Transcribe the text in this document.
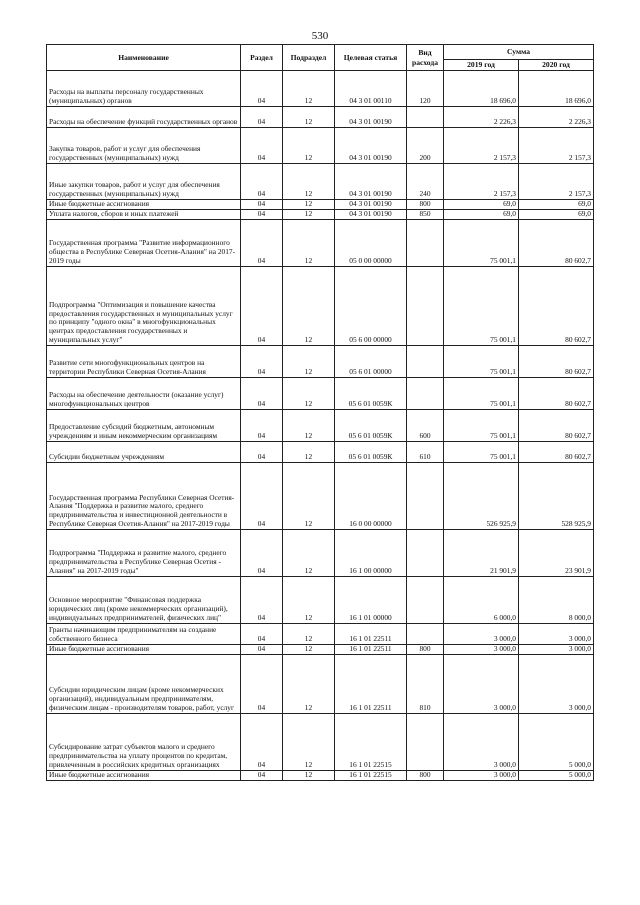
530
Наименование	Раздел	Подраздел	Целевая статья	Вид расхода	Сумма	
					2019 год	2020 год
Расходы на выплаты персоналу государственных (муниципальных) органов	04	12	04 3 01 00110	120	18 696,0	18 696,0
Расходы на обеспечение функций государственных органов	04	12	04 3 01 00190		2 226,3	2 226,3
Закупка товаров, работ и услуг для обеспечения государственных (муниципальных) нужд	04	12	04 3 01 00190	200	2 157,3	2 157,3
Иные закупки товаров, работ и услуг для обеспечения государственных (муниципальных) нужд	04	12	04 3 01 00190	240	2 157,3	2 157,3
Иные бюджетные ассигнования	04	12	04 3 01 00190	800	69,0	69,0
Уплата налогов, сборов и иных платежей	04	12	04 3 01 00190	850	69,0	69,0
Государственная программа "Развитие информационного общества в Республике Северная Осетия-Алания" на 2017-2019 годы	04	12	05 0 00 00000		75 001,1	80 602,7
Подпрограмма "Оптимизация и повышение качества предоставления государственных и муниципальных услуг по принципу "одного окна" в многофункциональных центрах предоставления государственных и муниципальных услуг"	04	12	05 6 00 00000		75 001,1	80 602,7
Развитие сети многофункциональных центров на территории Республики Северная Осетия-Алания	04	12	05 6 01 00000		75 001,1	80 602,7
Расходы на обеспечение деятельности (оказание услуг) многофункциональных центров	04	12	05 6 01 0059К		75 001,1	80 602,7
Предоставление субсидий бюджетным, автономным учреждениям и иным некоммерческим организациям	04	12	05 6 01 0059К	600	75 001,1	80 602,7
Субсидии бюджетным учреждениям	04	12	05 6 01 0059К	610	75 001,1	80 602,7
Государственная программа Республики Северная Осетия-Алания "Поддержка и развитие малого, среднего предпринимательства и инвестиционной деятельности в Республике Северная Осетия-Алания" на 2017-2019 годы	04	12	16 0 00 00000		526 925,9	528 925,9
Подпрограмма "Поддержка и развитие малого, среднего предпринимательства в Республике Северная Осетия - Алания" на 2017-2019 годы"	04	12	16 1 00 00000		21 901,9	23 901,9
Основное мероприятие "Финансовая поддержка юридических лиц (кроме некоммерческих организаций), индивидуальных предпринимателей, физических лиц"	04	12	16 1 01 00000		6 000,0	8 000,0
Гранты начинающим предпринимателям на создание собственного бизнеса	04	12	16 1 01 22511		3 000,0	3 000,0
Иные бюджетные ассигнования	04	12	16 1 01 22511	800	3 000,0	3 000,0
Субсидии юридическим лицам (кроме некоммерческих организаций), индивидуальным предпринимателям, физическим лицам - производителям товаров, работ, услуг	04	12	16 1 01 22511	810	3 000,0	3 000,0
Субсидирование затрат субъектов малого и среднего предпринимательства на уплату процентов по кредитам, привлеченным в российских кредитных организациях	04	12	16 1 01 22515		3 000,0	5 000,0
Иные бюджетные ассигнования	04	12	16 1 01 22515	800	3 000,0	5 000,0
